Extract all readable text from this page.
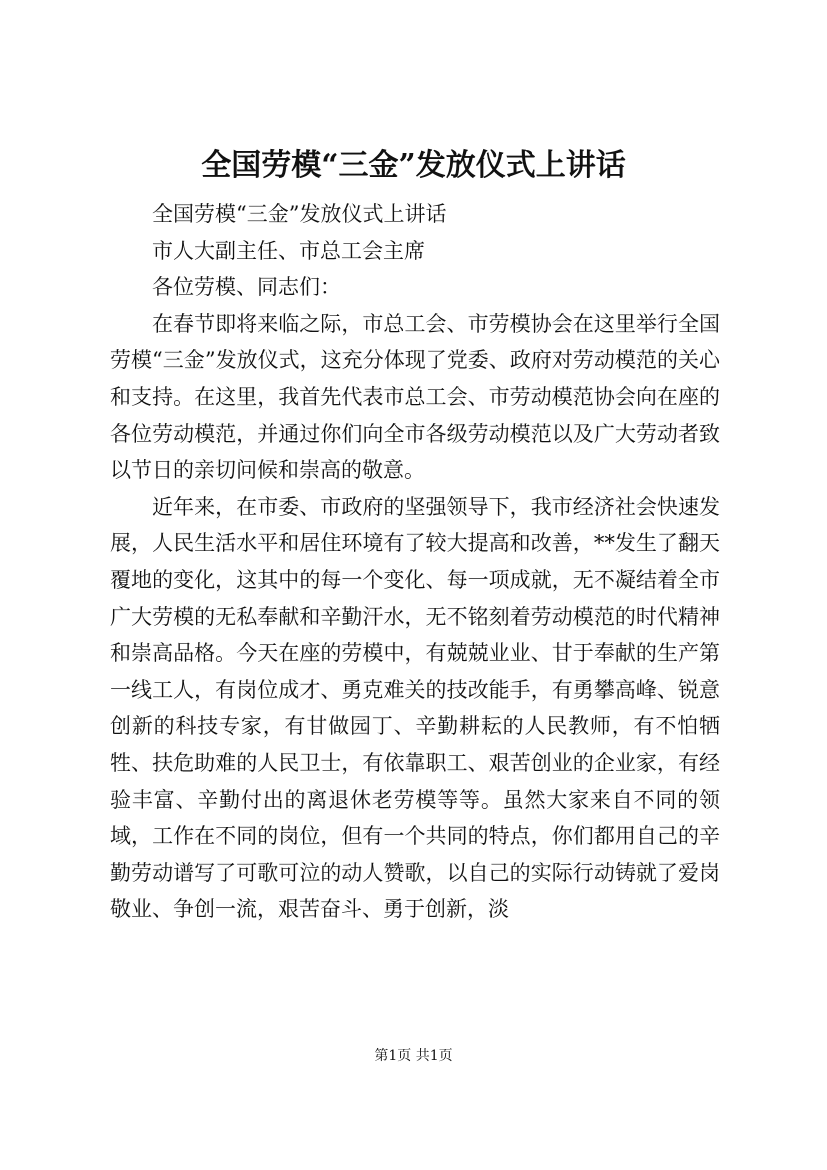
全国劳模“三金”发放仪式上讲话

全国劳模“三金”发放仪式上讲话

市人大副主任、市总工会主席

各位劳模、同志们：

在春节即将来临之际，市总工会、市劳模协会在这里举行全国劳模“三金”发放仪式，这充分体现了党委、政府对劳动模范的关心和支持。在这里，我首先代表市总工会、市劳动模范协会向在座的各位劳动模范，并通过你们向全市各级劳动模范以及广大劳动者致以节日的亲切问候和崇高的敬意。

近年来，在市委、市政府的坚强领导下，我市经济社会快速发展，人民生活水平和居住环境有了较大提高和改善，**发生了翻天覆地的变化，这其中的每一个变化、每一项成就，无不凝结着全市广大劳模的无私奉献和辛勤汗水，无不铭刻着劳动模范的时代精神和崇高品格。今天在座的劳模中，有兢兢业业、甘于奉献的生产第一线工人，有岗位成才、勇克难关的技改能手，有勇攀高峰、锐意创新的科技专家，有甘做园丁、辛勤耕耘的人民教师，有不怕牺牲、扶危助难的人民卫士，有依靠职工、艰苦创业的企业家，有经验丰富、辛勤付出的离退休老劳模等等。虽然大家来自不同的领域，工作在不同的岗位，但有一个共同的特点，你们都用自己的辛勤劳动谱写了可歌可泣的动人赞歌，以自己的实际行动铸就了爱岗敬业、争创一流，艰苦奋斗、勇于创新，淡

第1页 共1页
